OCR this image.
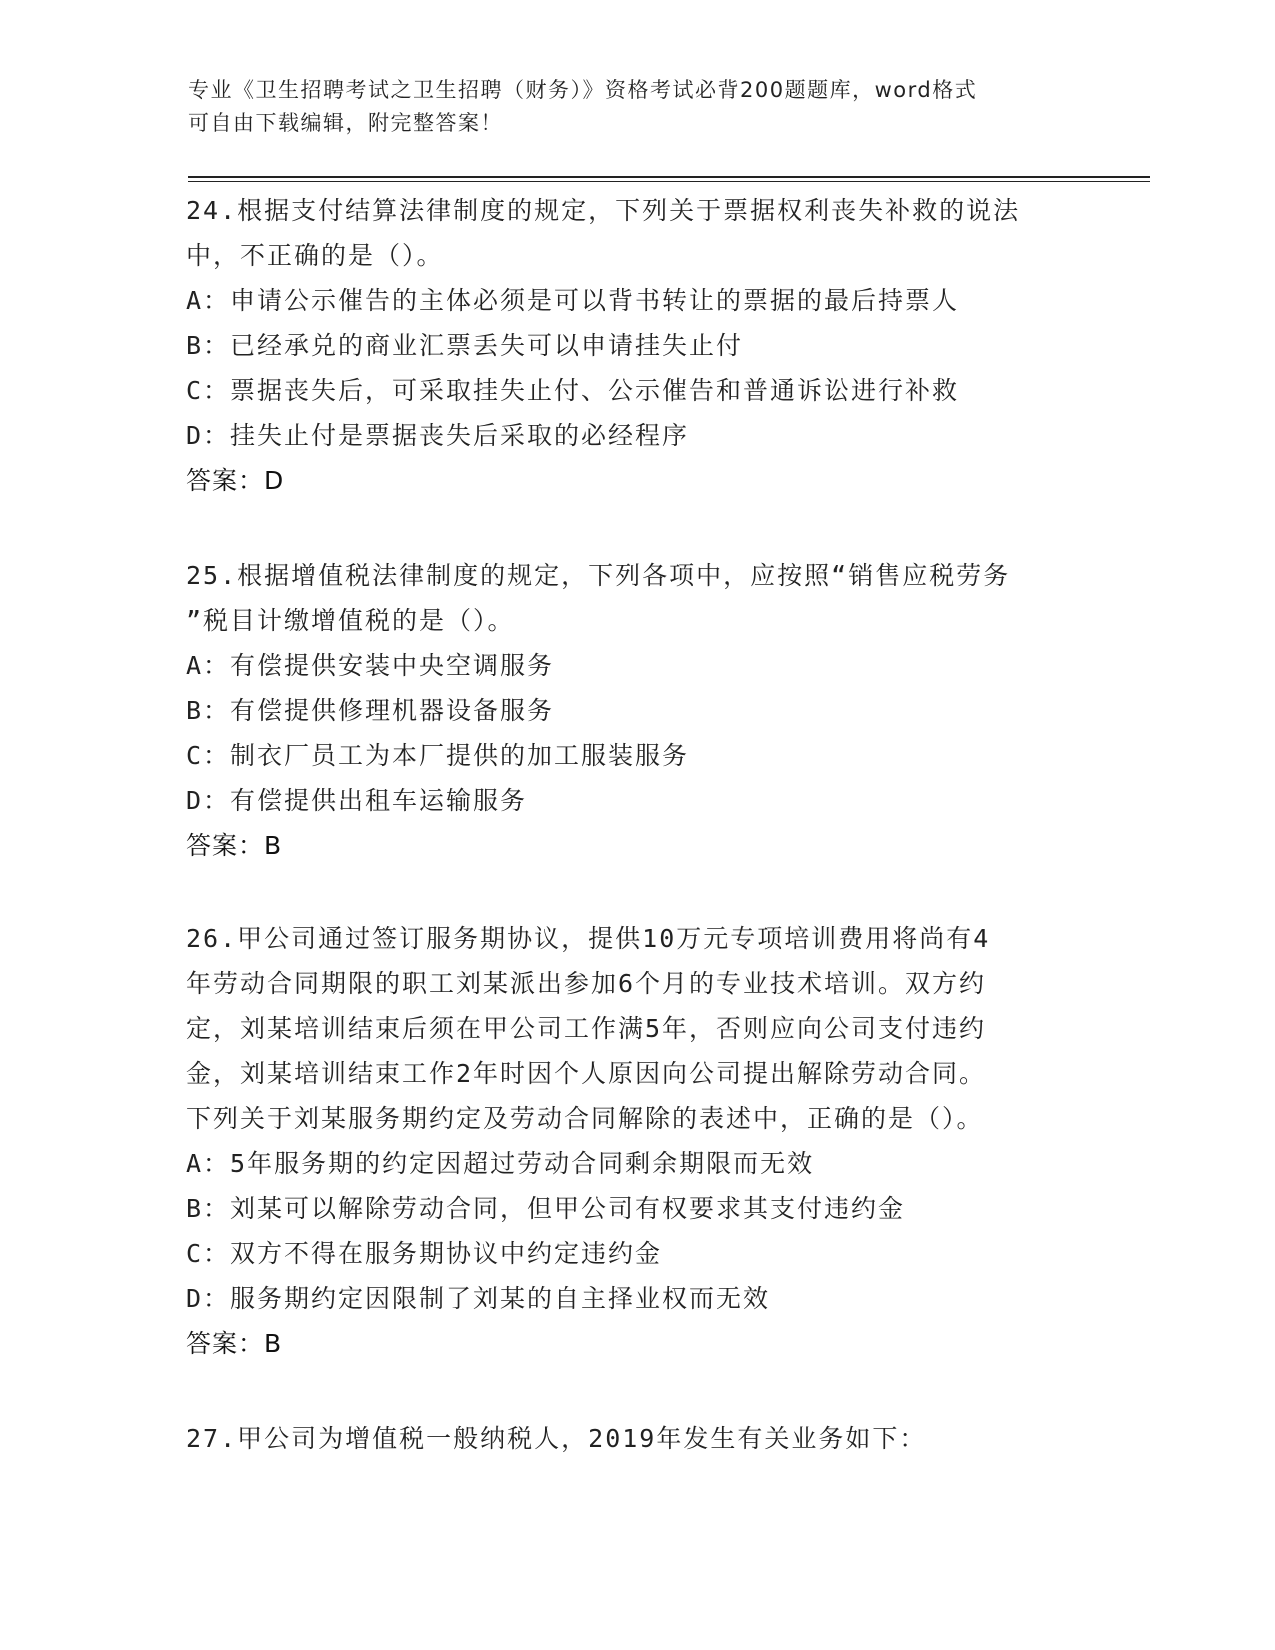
专业《卫生招聘考试之卫生招聘（财务）》资格考试必背200题题库，word格式
可自由下载编辑，附完整答案！
24.根据支付结算法律制度的规定，下列关于票据权利丧失补救的说法
中，不正确的是（）。
A：申请公示催告的主体必须是可以背书转让的票据的最后持票人
B：已经承兑的商业汇票丢失可以申请挂失止付
C：票据丧失后，可采取挂失止付、公示催告和普通诉讼进行补救
D：挂失止付是票据丧失后采取的必经程序
答案：D
25.根据增值税法律制度的规定，下列各项中，应按照“销售应税劳务
”税目计缴增值税的是（）。
A：有偿提供安装中央空调服务
B：有偿提供修理机器设备服务
C：制衣厂员工为本厂提供的加工服装服务
D：有偿提供出租车运输服务
答案：B
26.甲公司通过签订服务期协议，提供10万元专项培训费用将尚有4
年劳动合同期限的职工刘某派出参加6个月的专业技术培训。双方约
定，刘某培训结束后须在甲公司工作满5年，否则应向公司支付违约
金，刘某培训结束工作2年时因个人原因向公司提出解除劳动合同。
下列关于刘某服务期约定及劳动合同解除的表述中，正确的是（）。
A：5年服务期的约定因超过劳动合同剩余期限而无效
B：刘某可以解除劳动合同，但甲公司有权要求其支付违约金
C：双方不得在服务期协议中约定违约金
D：服务期约定因限制了刘某的自主择业权而无效
答案：B
27.甲公司为增值税一般纳税人，2019年发生有关业务如下：
